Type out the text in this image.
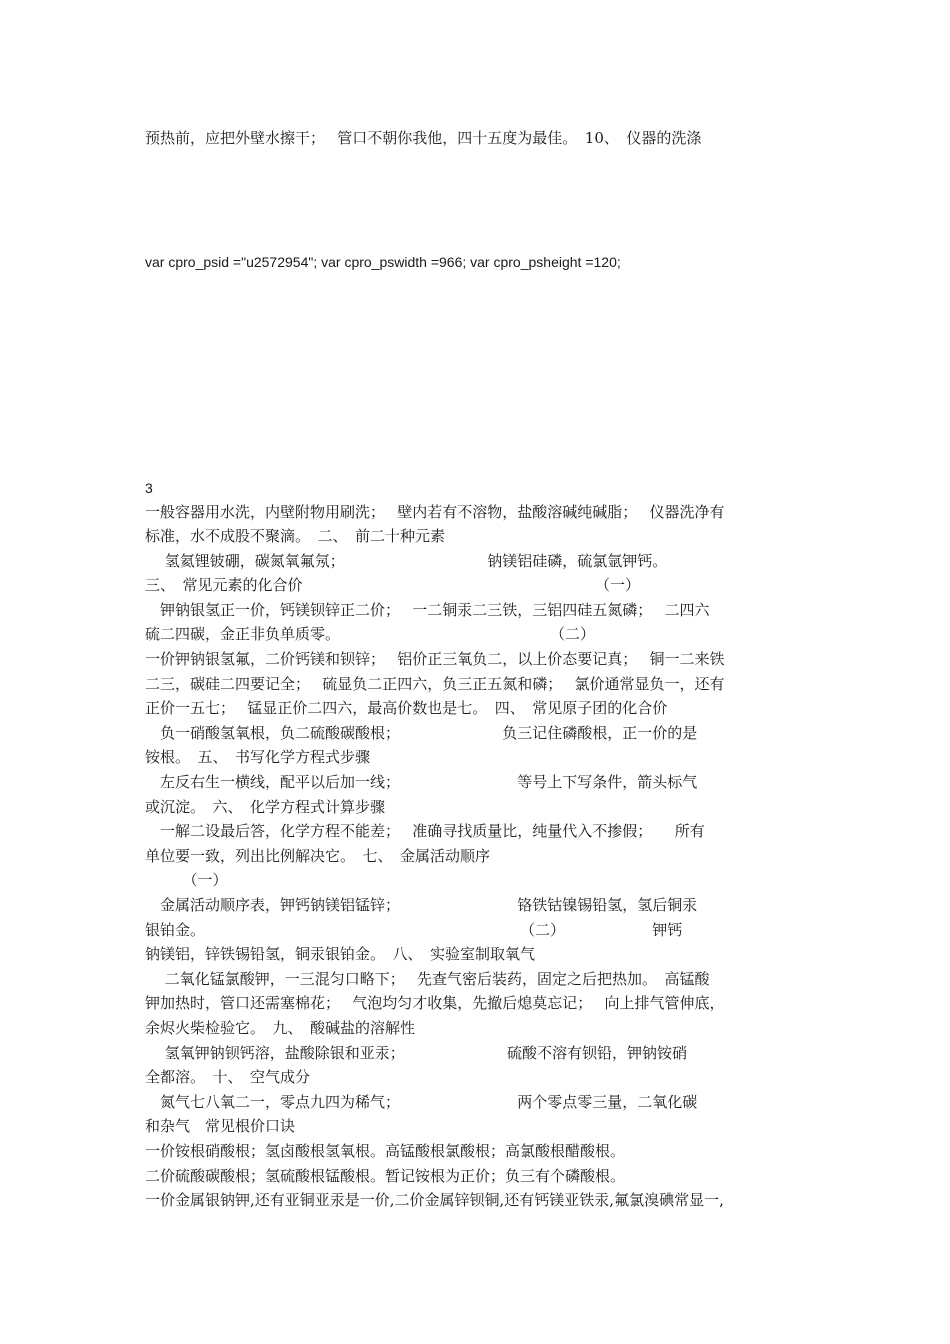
预热前，应把外壁水擦干；　 管口不朝你我他，四十五度为最佳。　10、　仪器的洗涤
var cpro_psid ="u2572954"; var cpro_pswidth =966; var cpro_psheight =120;
3
一般容器用水洗，内壁附物用刷洗；　 壁内若有不溶物，盐酸溶碱纯碱脂；　 仪器洗净有
标准，水不成股不聚滴。　二、　前二十种元素
　 氢氦锂铍硼，碳氮氧氟氖；　　　　　　　　　　钠镁铝硅磷，硫氯氩钾钙。
三、　常见元素的化合价　　　　　　　　　　　　　　　　　　　　（一）
　钾钠银氢正一价，钙镁钡锌正二价；　 一二铜汞二三铁，三铝四硅五氮磷；　 二四六
硫二四碳，金正非负单质零。　　　　　　　　　　　　　　　（二）
一价钾钠银氢氟，二价钙镁和钡锌；　 铝价正三氧负二，以上价态要记真；　 铜一二来铁
二三，碳硅二四要记全；　 硫显负二正四六，负三正五氮和磷；　 氯价通常显负一，还有
正价一五七；　 锰显正价二四六，最高价数也是七。　四、　常见原子团的化合价
　负一硝酸氢氧根，负二硫酸碳酸根；　　　　　　　 负三记住磷酸根，正一价的是
铵根。　五、　书写化学方程式步骤
　左反右生一横线，配平以后加一线；　　　　　　　　 等号上下写条件，箭头标气
或沉淀。　六、　化学方程式计算步骤
　一解二设最后答，化学方程不能差；　 准确寻找质量比，纯量代入不掺假；　　所有
单位要一致，列出比例解决它。　七、　金属活动顺序
　　　（一）
　金属活动顺序表，钾钙钠镁铝锰锌；　　　　　　　　 铬铁钴镍锡铅氢，氢后铜汞
银铂金。　　　　　　　　　　　　　　　　　　　　　　（二）　　　　　　 钾钙
钠镁铝，锌铁锡铅氢，铜汞银铂金。　八、　实验室制取氧气
　 二氧化锰氯酸钾，一三混匀口略下；　 先查气密后装药，固定之后把热加。　高锰酸
钾加热时，管口还需塞棉花；　 气泡均匀才收集，先撤后熄莫忘记；　 向上排气管伸底，
余烬火柴检验它。　九、　酸碱盐的溶解性
　 氢氧钾钠钡钙溶，盐酸除银和亚汞；　　　　　　　 硫酸不溶有钡铅，钾钠铵硝
全都溶。　十、　空气成分
　氮气七八氧二一，零点九四为稀气；　　　　　　　　 两个零点零三量，二氧化碳
和杂气　常见根价口诀
一价铵根硝酸根；氢卤酸根氢氧根。高锰酸根氯酸根；高氯酸根醋酸根。
二价硫酸碳酸根；氢硫酸根锰酸根。暂记铵根为正价；负三有个磷酸根。
一价金属银钠钾,还有亚铜亚汞是一价,二价金属锌钡铜,还有钙镁亚铁汞,氟氯溴碘常显一,
